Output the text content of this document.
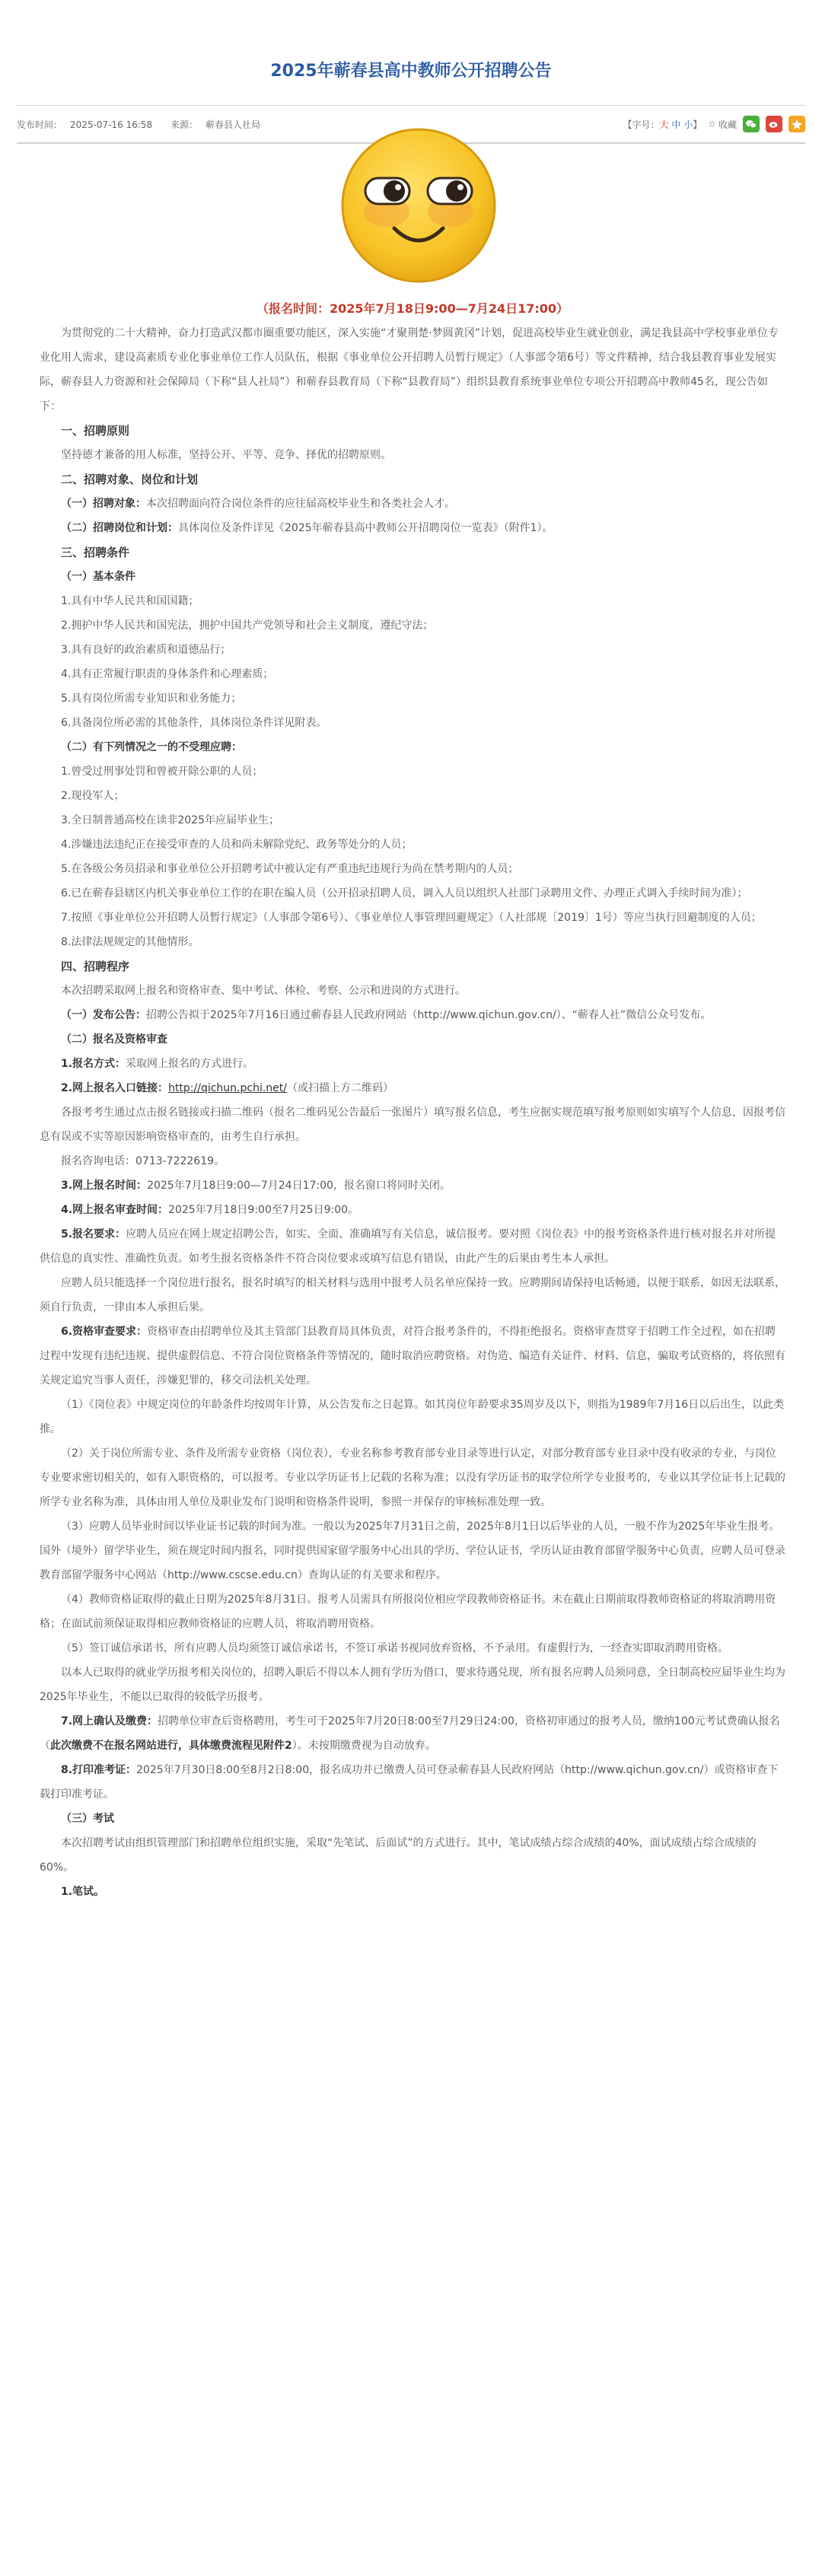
2025年蕲春县高中教师公开招聘公告
发布时间： 2025-07-16 16:58 来源： 蕲春县人社局	【字号：大 中 小】 ☆ 收藏

（报名时间：2025年7月18日9:00—7月24日17:00）

为贯彻党的二十大精神，奋力打造武汉都市圈重要功能区，深入实施“才聚荆楚·梦圆黄冈”计划，促进高校毕业生就业创业，满足我县高中学校事业单位专业化用人需求，建设高素质专业化事业单位工作人员队伍，根据《事业单位公开招聘人员暂行规定》（人事部令第6号）等文件精神，结合我县教育事业发展实际，蕲春县人力资源和社会保障局（下称“县人社局”）和蕲春县教育局（下称“县教育局”）组织县教育系统事业单位专项公开招聘高中教师45名，现公告如下：

一、招聘原则

坚持德才兼备的用人标准，坚持公开、平等、竞争、择优的招聘原则。

二、招聘对象、岗位和计划

（一）招聘对象：本次招聘面向符合岗位条件的应往届高校毕业生和各类社会人才。

（二）招聘岗位和计划：具体岗位及条件详见《2025年蕲春县高中教师公开招聘岗位一览表》（附件1）。

三、招聘条件

（一）基本条件

1.具有中华人民共和国国籍；

2.拥护中华人民共和国宪法，拥护中国共产党领导和社会主义制度，遵纪守法；

3.具有良好的政治素质和道德品行；

4.具有正常履行职责的身体条件和心理素质；

5.具有岗位所需专业知识和业务能力；

6.具备岗位所必需的其他条件，具体岗位条件详见附表。

（二）有下列情况之一的不受理应聘：

1.曾受过刑事处罚和曾被开除公职的人员；

2.现役军人；

3.全日制普通高校在读非2025年应届毕业生；

4.涉嫌违法违纪正在接受审查的人员和尚未解除党纪、政务等处分的人员；

5.在各级公务员招录和事业单位公开招聘考试中被认定有严重违纪违规行为尚在禁考期内的人员；

6.已在蕲春县辖区内机关事业单位工作的在职在编人员（公开招录招聘人员，调入人员以组织人社部门录聘用文件、办理正式调入手续时间为准）；

7.按照《事业单位公开招聘人员暂行规定》（人事部令第6号）、《事业单位人事管理回避规定》（人社部规〔2019〕1号）等应当执行回避制度的人员；

8.法律法规规定的其他情形。

四、招聘程序

本次招聘采取网上报名和资格审查、集中考试、体检、考察、公示和进岗的方式进行。

（一）发布公告：招聘公告拟于2025年7月16日通过蕲春县人民政府网站（http://www.qichun.gov.cn/）、“蕲春人社”微信公众号发布。

（二）报名及资格审查

1.报名方式：采取网上报名的方式进行。

2.网上报名入口链接：http://qichun.pchi.net/（或扫描上方二维码）

各报考考生通过点击报名链接或扫描二维码（报名二维码见公告最后一张图片）填写报名信息，考生应据实规范填写报考原则如实填写个人信息，因报考信息有误或不实等原因影响资格审查的，由考生自行承担。

报名咨询电话：0713-7222619。

3.网上报名时间：2025年7月18日9:00—7月24日17:00，报名窗口将同时关闭。

4.网上报名审查时间：2025年7月18日9:00至7月25日9:00。

5.报名要求：应聘人员应在网上规定招聘公告，如实、全面、准确填写有关信息，诚信报考。要对照《岗位表》中的报考资格条件进行核对报名并对所提供信息的真实性、准确性负责。如考生报名资格条件不符合岗位要求或填写信息有错误，由此产生的后果由考生本人承担。

应聘人员只能选择一个岗位进行报名，报名时填写的相关材料与选用中报考人员名单应保持一致。应聘期间请保持电话畅通，以便于联系，如因无法联系，须自行负责，一律由本人承担后果。

6.资格审查要求：资格审查由招聘单位及其主管部门县教育局具体负责，对符合报考条件的，不得拒绝报名。资格审查贯穿于招聘工作全过程，如在招聘过程中发现有违纪违规、提供虚假信息、不符合岗位资格条件等情况的，随时取消应聘资格。对伪造、编造有关证件、材料、信息，骗取考试资格的，将依照有关规定追究当事人责任，涉嫌犯罪的，移交司法机关处理。

（1）《岗位表》中规定岗位的年龄条件均按周年计算，从公告发布之日起算。如其岗位年龄要求35周岁及以下，则指为1989年7月16日以后出生，以此类推。

（2）关于岗位所需专业、条件及所需专业资格（岗位表），专业名称参考教育部专业目录等进行认定，对部分教育部专业目录中没有收录的专业，与岗位专业要求密切相关的，如有入职资格的，可以报考。专业以学历证书上记载的名称为准；以没有学历证书的取学位所学专业报考的，专业以其学位证书上记载的所学专业名称为准，具体由用人单位及职业发布门说明和资格条件说明，参照一并保存的审核标准处理一致。

（3）应聘人员毕业时间以毕业证书记载的时间为准。一般以为2025年7月31日之前，2025年8月1日以后毕业的人员，一般不作为2025年毕业生报考。国外（境外）留学毕业生，须在规定时间内报名，同时提供国家留学服务中心出具的学历、学位认证书，学历认证由教育部留学服务中心负责，应聘人员可登录教育部留学服务中心网站（http://www.cscse.edu.cn）查询认证的有关要求和程序。

（4）教师资格证取得的截止日期为2025年8月31日。报考人员需具有所报岗位相应学段教师资格证书。未在截止日期前取得教师资格证的将取消聘用资格；在面试前须保证取得相应教师资格证的应聘人员，将取消聘用资格。

（5）签订诚信承诺书，所有应聘人员均须签订诚信承诺书，不签订承诺书视同放弃资格，不予录用。有虚假行为，一经查实即取消聘用资格。

以本人已取得的就业学历报考相关岗位的，招聘入职后不得以本人拥有学历为借口，要求待遇兑现，所有报名应聘人员须同意，全日制高校应届毕业生均为2025年毕业生，不能以已取得的较低学历报考。

7.网上确认及缴费：招聘单位审查后资格聘用，考生可于2025年7月20日8:00至7月29日24:00，资格初审通过的报考人员，缴纳100元考试费确认报名（此次缴费不在报名网站进行，具体缴费流程见附件2）。未按期缴费视为自动放弃。

8.打印准考证：2025年7月30日8:00至8月2日8:00，报名成功并已缴费人员可登录蕲春县人民政府网站（http://www.qichun.gov.cn/）或资格审查下载打印准考证。

（三）考试

本次招聘考试由组织管理部门和招聘单位组织实施，采取“先笔试、后面试”的方式进行。其中，笔试成绩占综合成绩的40%，面试成绩占综合成绩的60%。

1.笔试。
